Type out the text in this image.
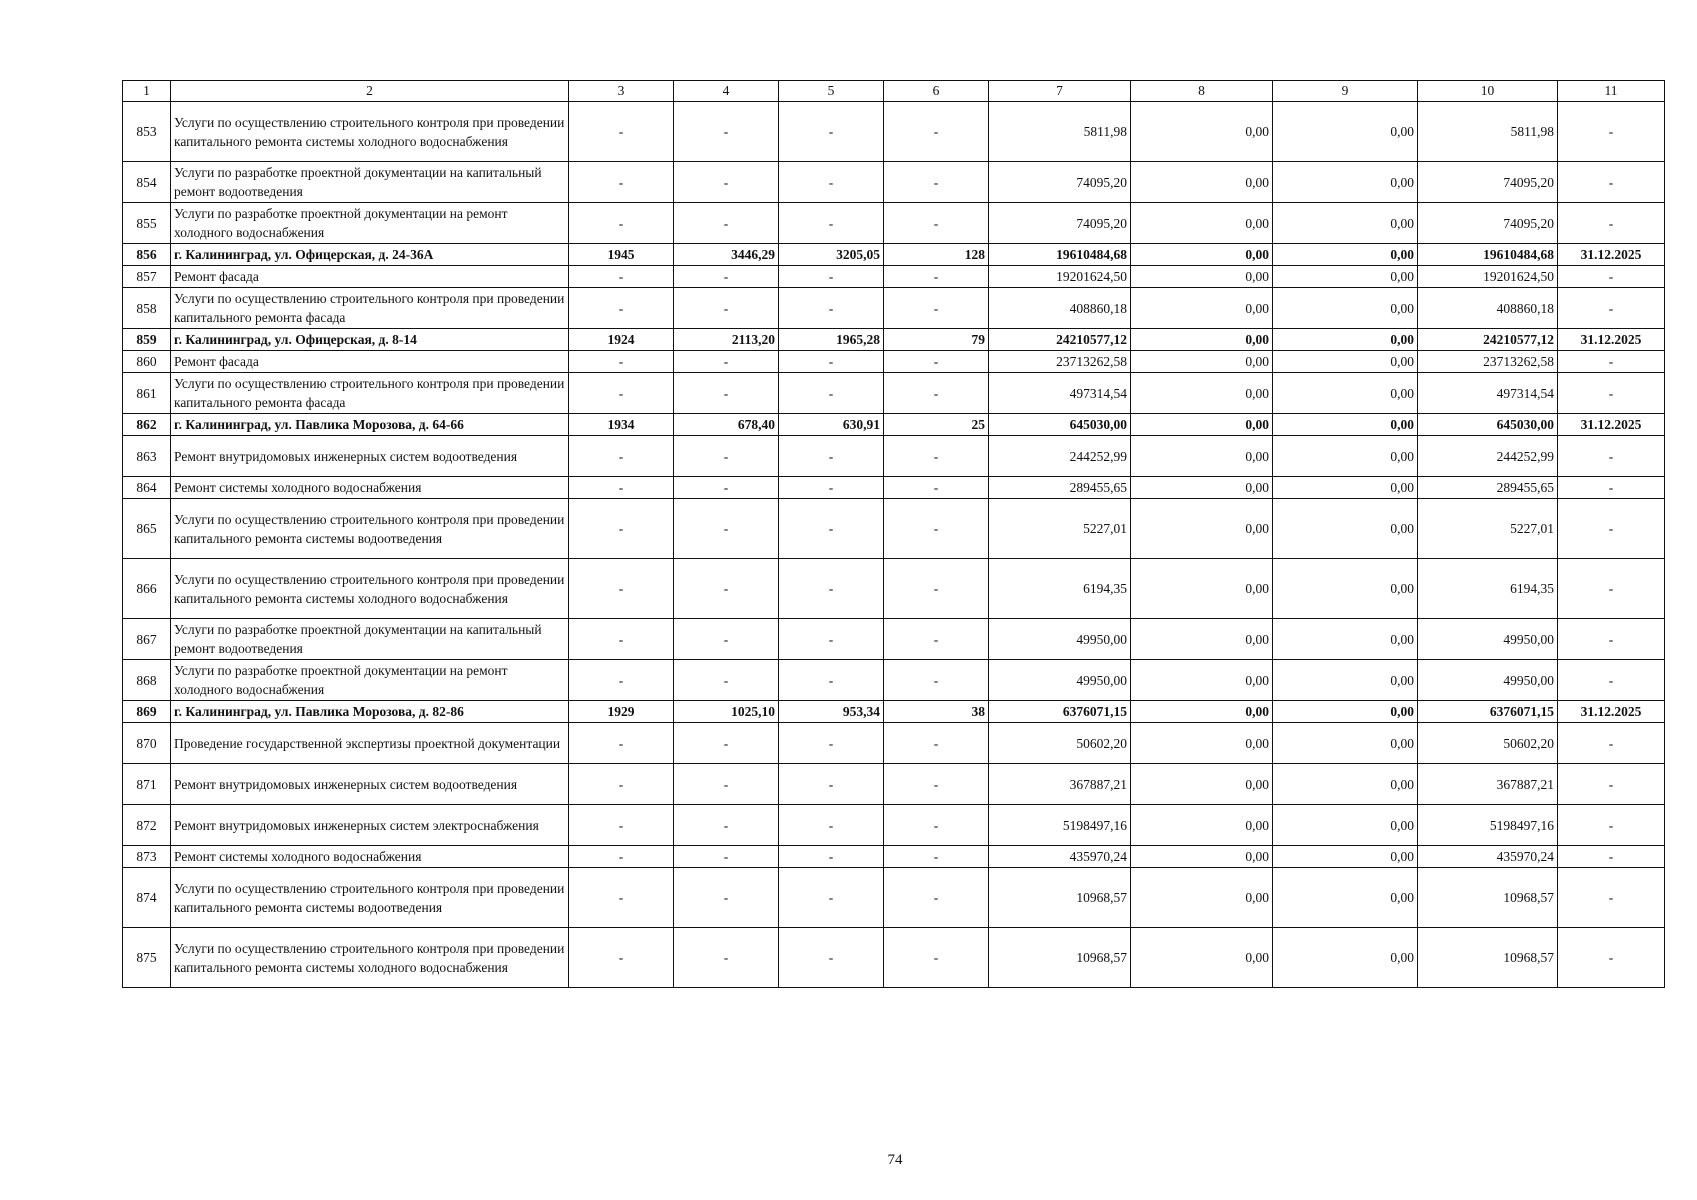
1	2	3	4	5	6	7	8	9	10	11
853	Услуги по осуществлению строительного контроля при проведении капитального ремонта системы холодного водоснабжения	-	-	-	-	5811,98	0,00	0,00	5811,98	-
854	Услуги по разработке проектной документации на капитальный ремонт водоотведения	-	-	-	-	74095,20	0,00	0,00	74095,20	-
855	Услуги по разработке проектной документации на ремонт холодного водоснабжения	-	-	-	-	74095,20	0,00	0,00	74095,20	-
856	г. Калининград, ул. Офицерская, д. 24-36А	1945	3446,29	3205,05	128	19610484,68	0,00	0,00	19610484,68	31.12.2025
857	Ремонт фасада	-	-	-	-	19201624,50	0,00	0,00	19201624,50	-
858	Услуги по осуществлению строительного контроля при проведении капитального ремонта фасада	-	-	-	-	408860,18	0,00	0,00	408860,18	-
859	г. Калининград, ул. Офицерская, д. 8-14	1924	2113,20	1965,28	79	24210577,12	0,00	0,00	24210577,12	31.12.2025
860	Ремонт фасада	-	-	-	-	23713262,58	0,00	0,00	23713262,58	-
861	Услуги по осуществлению строительного контроля при проведении капитального ремонта фасада	-	-	-	-	497314,54	0,00	0,00	497314,54	-
862	г. Калининград, ул. Павлика Морозова, д. 64-66	1934	678,40	630,91	25	645030,00	0,00	0,00	645030,00	31.12.2025
863	Ремонт внутридомовых инженерных систем водоотведения	-	-	-	-	244252,99	0,00	0,00	244252,99	-
864	Ремонт системы холодного водоснабжения	-	-	-	-	289455,65	0,00	0,00	289455,65	-
865	Услуги по осуществлению строительного контроля при проведении капитального ремонта системы водоотведения	-	-	-	-	5227,01	0,00	0,00	5227,01	-
866	Услуги по осуществлению строительного контроля при проведении капитального ремонта системы холодного водоснабжения	-	-	-	-	6194,35	0,00	0,00	6194,35	-
867	Услуги по разработке проектной документации на капитальный ремонт водоотведения	-	-	-	-	49950,00	0,00	0,00	49950,00	-
868	Услуги по разработке проектной документации на ремонт холодного водоснабжения	-	-	-	-	49950,00	0,00	0,00	49950,00	-
869	г. Калининград, ул. Павлика Морозова, д. 82-86	1929	1025,10	953,34	38	6376071,15	0,00	0,00	6376071,15	31.12.2025
870	Проведение государственной экспертизы проектной документации	-	-	-	-	50602,20	0,00	0,00	50602,20	-
871	Ремонт внутридомовых инженерных систем водоотведения	-	-	-	-	367887,21	0,00	0,00	367887,21	-
872	Ремонт внутридомовых инженерных систем электроснабжения	-	-	-	-	5198497,16	0,00	0,00	5198497,16	-
873	Ремонт системы холодного водоснабжения	-	-	-	-	435970,24	0,00	0,00	435970,24	-
874	Услуги по осуществлению строительного контроля при проведении капитального ремонта системы водоотведения	-	-	-	-	10968,57	0,00	0,00	10968,57	-
875	Услуги по осуществлению строительного контроля при проведении капитального ремонта системы холодного водоснабжения	-	-	-	-	10968,57	0,00	0,00	10968,57	-
74
